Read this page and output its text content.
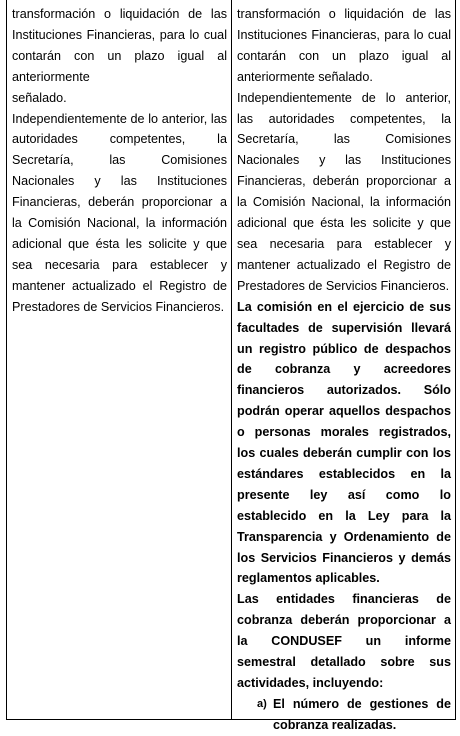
transformación o liquidación de las Instituciones Financieras, para lo cual contarán con un plazo igual al anteriormente

señalado.

Independientemente de lo anterior, las autoridades competentes, la Secretaría, las Comisiones Nacionales y las Instituciones Financieras, deberán proporcionar a la Comisión Nacional, la información adicional que ésta les solicite y que sea necesaria para establecer y mantener actualizado el Registro de Prestadores de Servicios Financieros.

transformación o liquidación de las Instituciones Financieras, para lo cual contarán con un plazo igual al anteriormente señalado.

Independientemente de lo anterior, las autoridades competentes, la Secretaría, las Comisiones Nacionales y las Instituciones Financieras, deberán proporcionar a la Comisión Nacional, la información adicional que ésta les solicite y que sea necesaria para establecer y mantener actualizado el Registro de Prestadores de Servicios Financieros.

La comisión en el ejercicio de sus facultades de supervisión llevará un registro público de despachos de cobranza y acreedores financieros autorizados. Sólo podrán operar aquellos despachos o personas morales registrados, los cuales deberán cumplir con los estándares establecidos en la presente ley así como lo establecido en la Ley para la Transparencia y Ordenamiento de los Servicios Financieros y demás reglamentos aplicables.

Las entidades financieras de cobranza deberán proporcionar a la CONDUSEF un informe semestral detallado sobre sus actividades, incluyendo:

a) El número de gestiones de cobranza realizadas.
